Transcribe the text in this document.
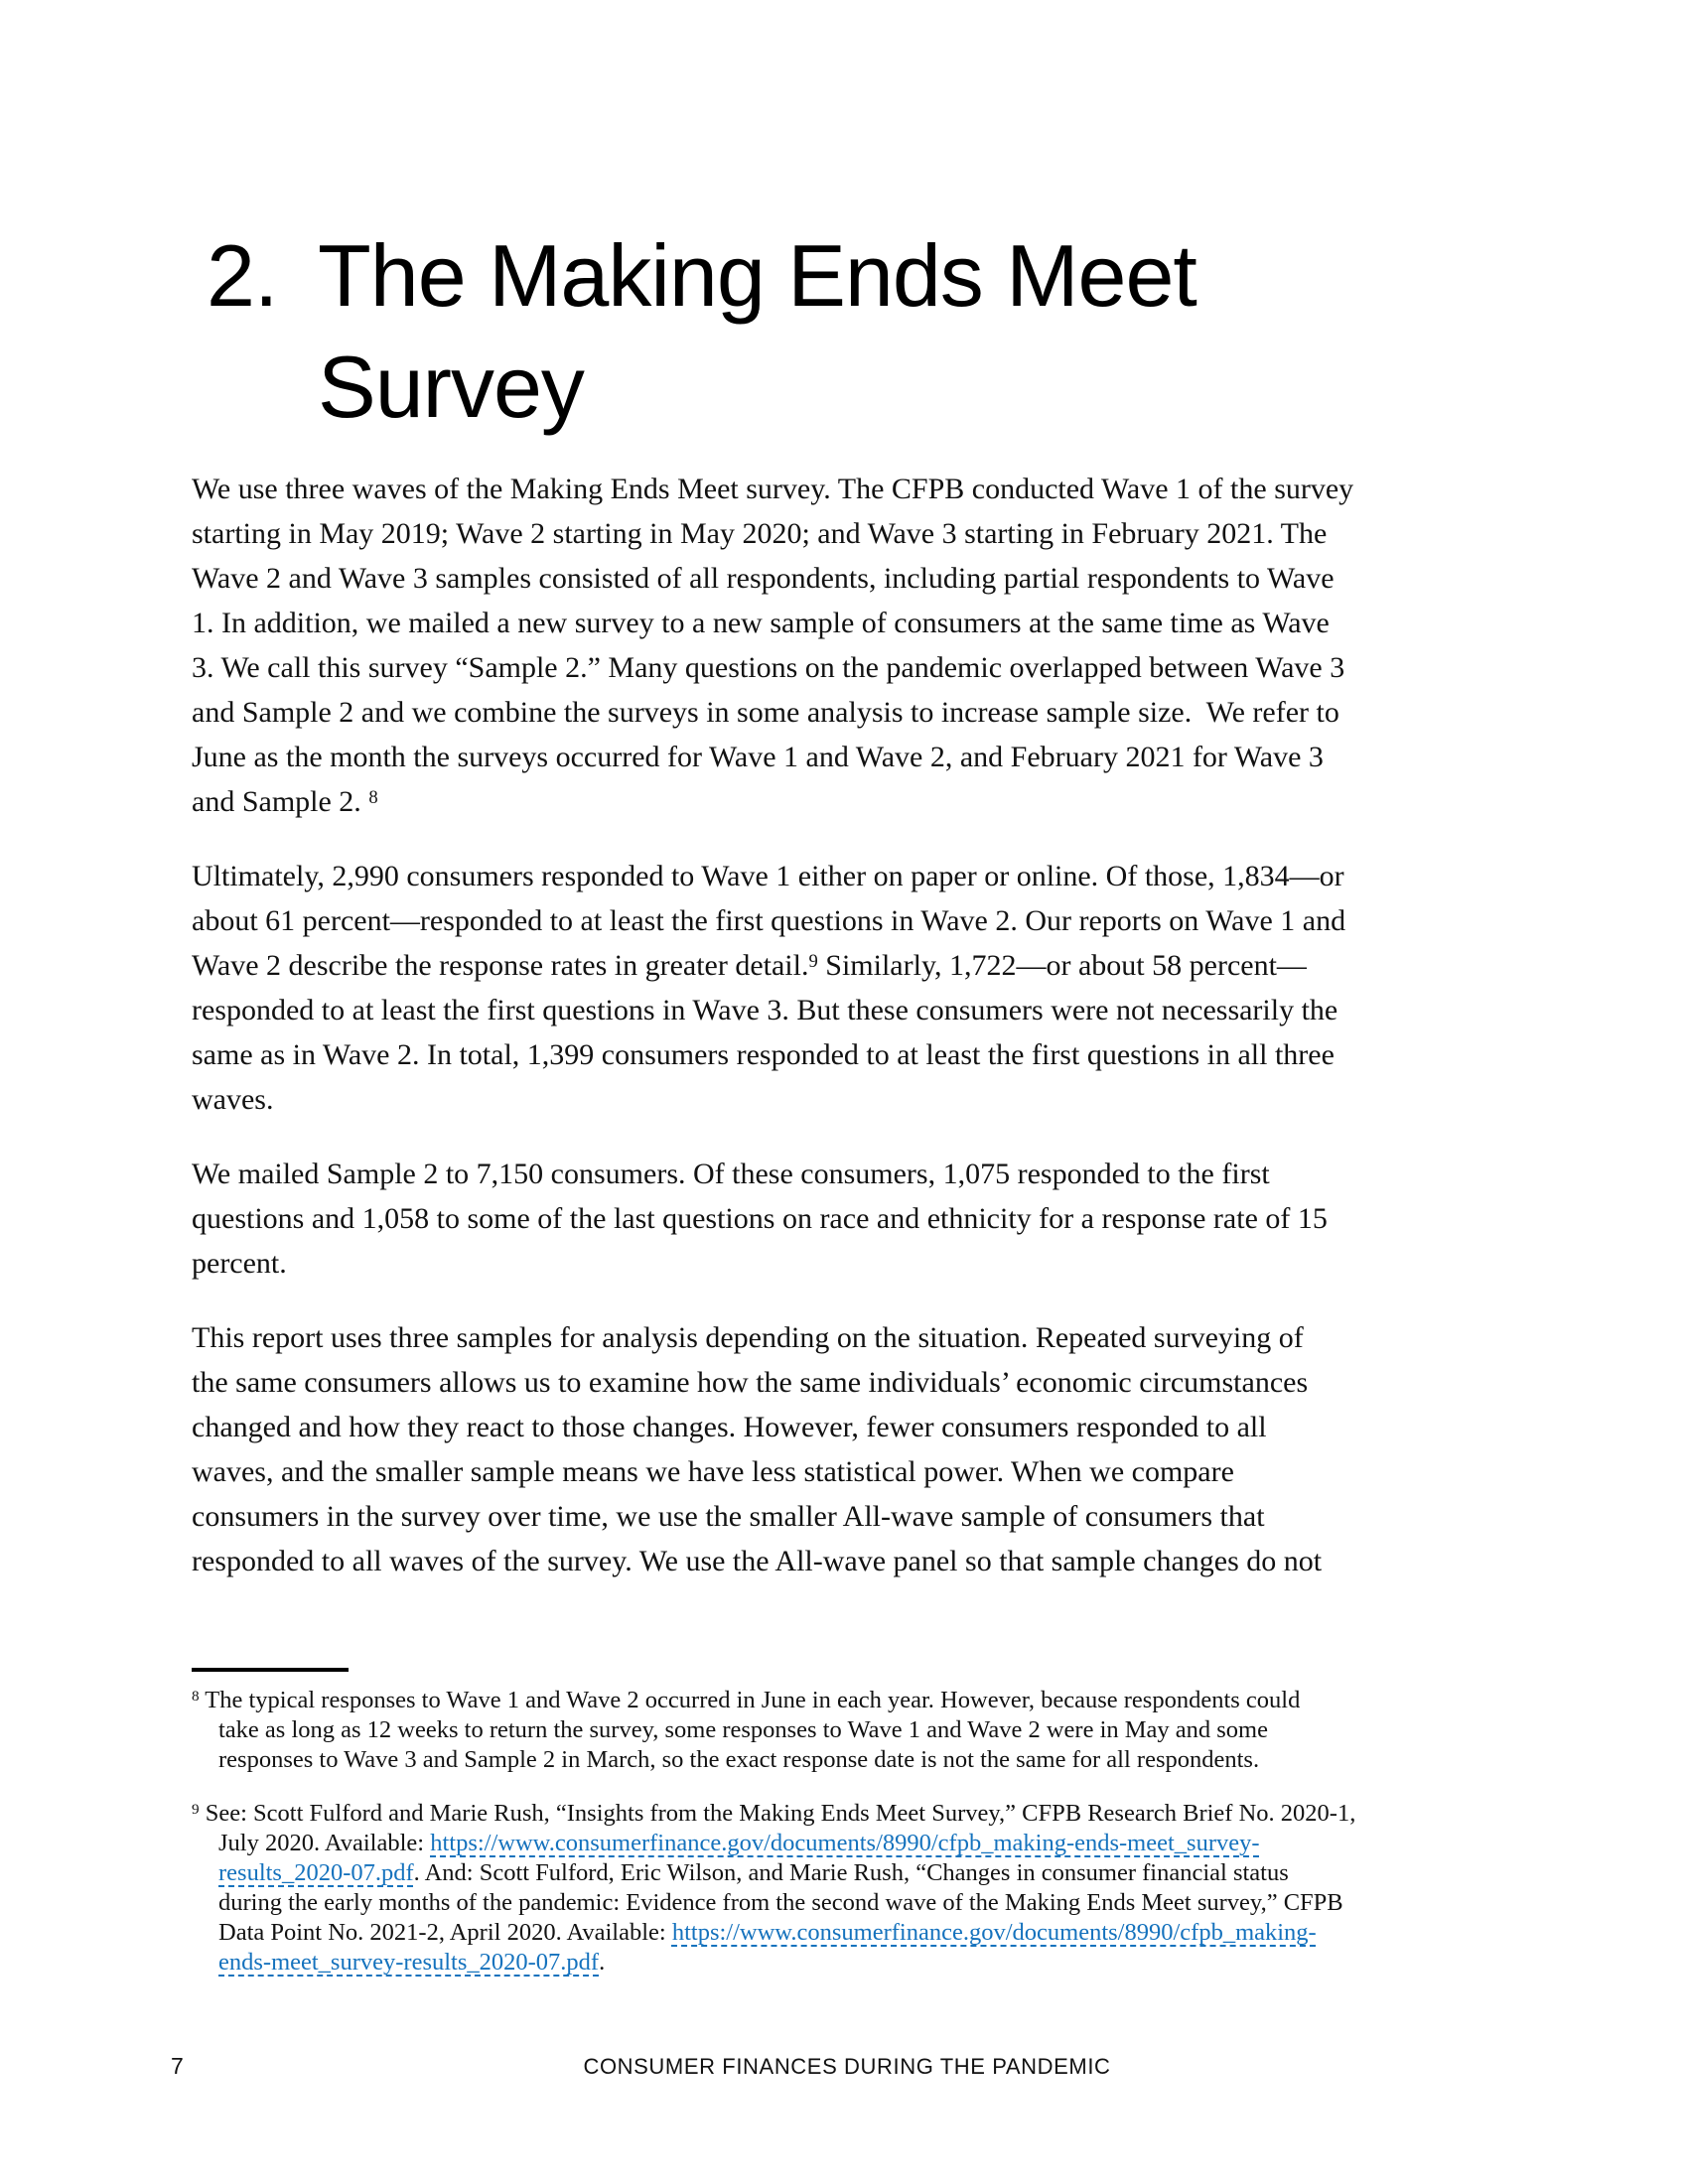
2. The Making Ends Meet
Survey
We use three waves of the Making Ends Meet survey. The CFPB conducted Wave 1 of the survey
starting in May 2019; Wave 2 starting in May 2020; and Wave 3 starting in February 2021. The
Wave 2 and Wave 3 samples consisted of all respondents, including partial respondents to Wave
1. In addition, we mailed a new survey to a new sample of consumers at the same time as Wave
3. We call this survey “Sample 2.” Many questions on the pandemic overlapped between Wave 3
and Sample 2 and we combine the surveys in some analysis to increase sample size.  We refer to
June as the month the surveys occurred for Wave 1 and Wave 2, and February 2021 for Wave 3
and Sample 2. $^8$
Ultimately, 2,990 consumers responded to Wave 1 either on paper or online. Of those, 1,834—or
about 61 percent—responded to at least the first questions in Wave 2. Our reports on Wave 1 and
Wave 2 describe the response rates in greater detail.$^9$ Similarly, 1,722—or about 58 percent—
responded to at least the first questions in Wave 3. But these consumers were not necessarily the
same as in Wave 2. In total, 1,399 consumers responded to at least the first questions in all three
waves.
We mailed Sample 2 to 7,150 consumers. Of these consumers, 1,075 responded to the first
questions and 1,058 to some of the last questions on race and ethnicity for a response rate of 15
percent.
This report uses three samples for analysis depending on the situation. Repeated surveying of
the same consumers allows us to examine how the same individuals’ economic circumstances
changed and how they react to those changes. However, fewer consumers responded to all
waves, and the smaller sample means we have less statistical power. When we compare
consumers in the survey over time, we use the smaller All-wave sample of consumers that
responded to all waves of the survey. We use the All-wave panel so that sample changes do not
$^8$ The typical responses to Wave 1 and Wave 2 occurred in June in each year. However, because respondents could
take as long as 12 weeks to return the survey, some responses to Wave 1 and Wave 2 were in May and some
responses to Wave 3 and Sample 2 in March, so the exact response date is not the same for all respondents.
$^9$ See: Scott Fulford and Marie Rush, “Insights from the Making Ends Meet Survey,” CFPB Research Brief No. 2020-1,
July 2020. Available: https://www.consumerfinance.gov/documents/8990/cfpb_making-ends-meet_survey-
results_2020-07.pdf. And: Scott Fulford, Eric Wilson, and Marie Rush, “Changes in consumer financial status
during the early months of the pandemic: Evidence from the second wave of the Making Ends Meet survey,” CFPB
Data Point No. 2021-2, April 2020. Available: https://www.consumerfinance.gov/documents/8990/cfpb_making-
ends-meet_survey-results_2020-07.pdf.
7	CONSUMER FINANCES DURING THE PANDEMIC
